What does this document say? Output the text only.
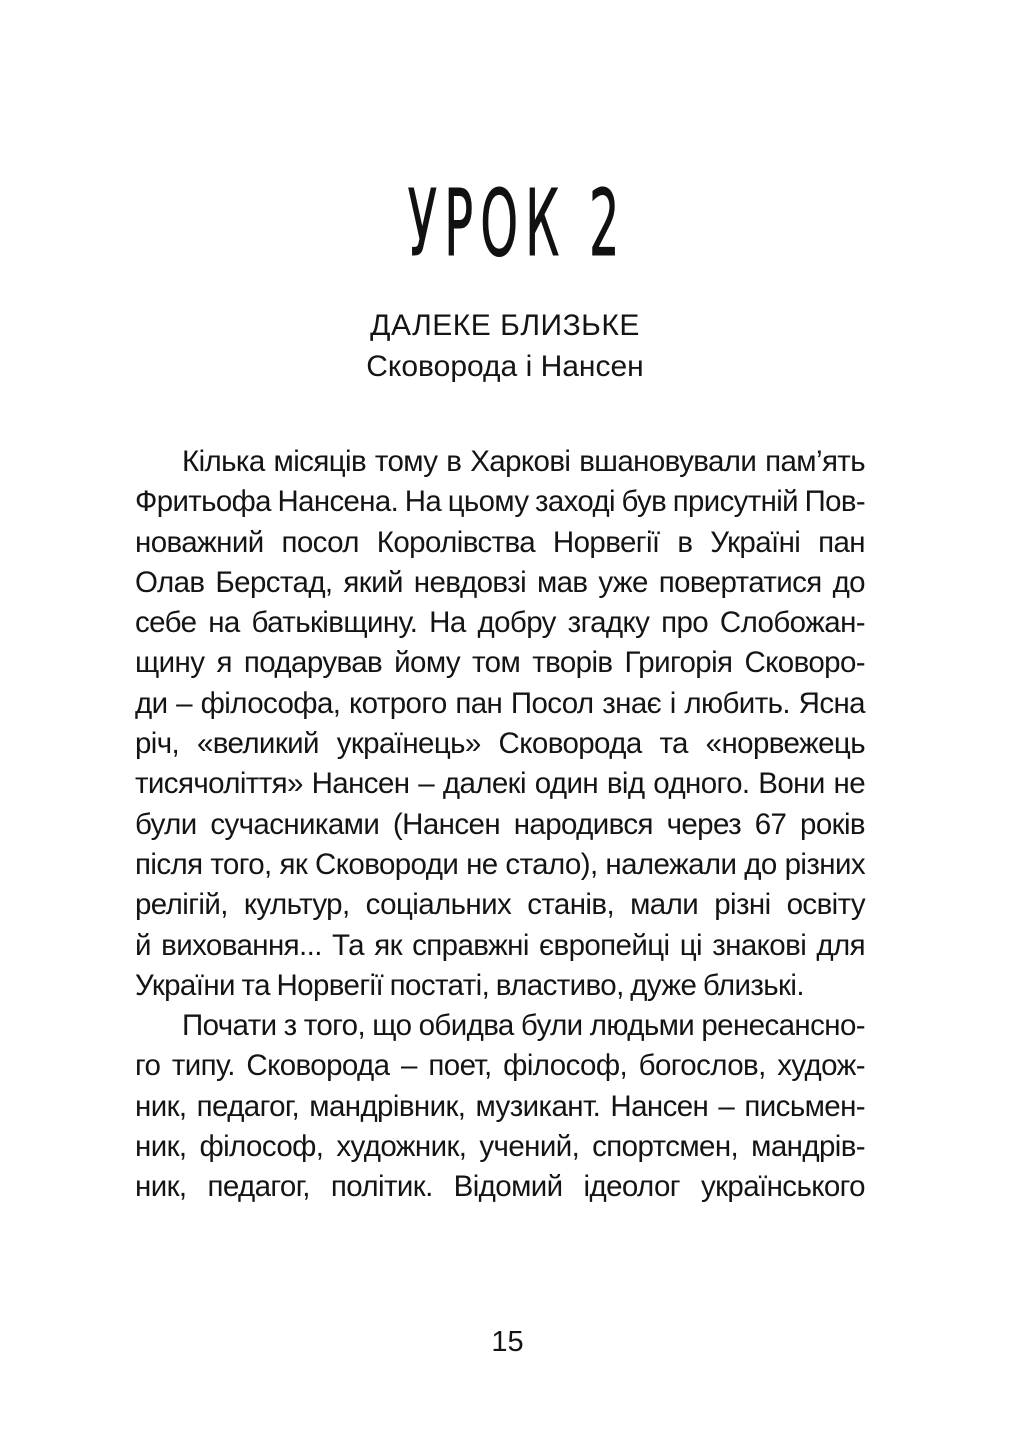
УРОК 2
ДАЛЕКЕ БЛИЗЬКЕ
Сковорода і Нансен
Кілька місяців тому в Харкові вшановували пам’ять
Фритьофа Нансена. На цьому заході був присутній Пов-
новажний посол Королівства Норвегії в Україні пан
Олав Берстад, який невдовзі мав уже повертатися до
себе на батьківщину. На добру згадку про Слобожан-
щину я подарував йому том творів Григорія Сковоро-
ди – філософа, котрого пан Посол знає і любить. Ясна
річ, «великий українець» Сковорода та «норвежець
тисячоліття» Нансен – далекі один від одного. Вони не
були сучасниками (Нансен народився через 67 років
після того, як Сковороди не стало), належали до різних
релігій, культур, соціальних станів, мали різні освіту
й виховання... Та як справжні європейці ці знакові для
України та Норвегії постаті, властиво, дуже близькі.
Почати з того, що обидва були людьми ренесансно-
го типу. Сковорода – поет, філософ, богослов, худож-
ник, педагог, мандрівник, музикант. Нансен – письмен-
ник, філософ, художник, учений, спортсмен, мандрів-
ник, педагог, політик. Відомий ідеолог українського
15
